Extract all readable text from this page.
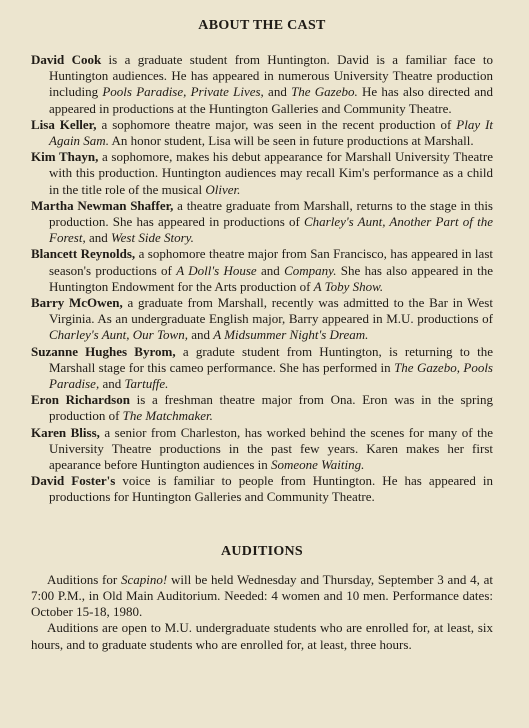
ABOUT THE CAST

David Cook is a graduate student from Huntington. David is a familiar face to Huntington audiences. He has appeared in numerous University Theatre production including Pools Paradise, Private Lives, and The Gazebo. He has also directed and appeared in productions at the Huntington Galleries and Community Theatre.

Lisa Keller, a sophomore theatre major, was seen in the recent production of Play It Again Sam. An honor student, Lisa will be seen in future productions at Marshall.

Kim Thayn, a sophomore, makes his debut appearance for Marshall University Theatre with this production. Huntington audiences may recall Kim's performance as a child in the title role of the musical Oliver.

Martha Newman Shaffer, a theatre graduate from Marshall, returns to the stage in this production. She has appeared in productions of Charley's Aunt, Another Part of the Forest, and West Side Story.

Blancett Reynolds, a sophomore theatre major from San Francisco, has appeared in last season's productions of A Doll's House and Company. She has also appeared in the Huntington Endowment for the Arts production of A Toby Show.

Barry McOwen, a graduate from Marshall, recently was admitted to the Bar in West Virginia. As an undergraduate English major, Barry appeared in M.U. productions of Charley's Aunt, Our Town, and A Midsummer Night's Dream.

Suzanne Hughes Byrom, a gradute student from Huntington, is returning to the Marshall stage for this cameo performance. She has performed in The Gazebo, Pools Paradise, and Tartuffe.

Eron Richardson is a freshman theatre major from Ona. Eron was in the spring production of The Matchmaker.

Karen Bliss, a senior from Charleston, has worked behind the scenes for many of the University Theatre productions in the past few years. Karen makes her first apearance before Huntington audiences in Someone Waiting.

David Foster's voice is familiar to people from Huntington. He has appeared in productions for Huntington Galleries and Community Theatre.

AUDITIONS

Auditions for Scapino! will be held Wednesday and Thursday, September 3 and 4, at 7:00 P.M., in Old Main Auditorium. Needed: 4 women and 10 men. Performance dates: October 15-18, 1980.

Auditions are open to M.U. undergraduate students who are enrolled for, at least, six hours, and to graduate students who are enrolled for, at least, three hours.
